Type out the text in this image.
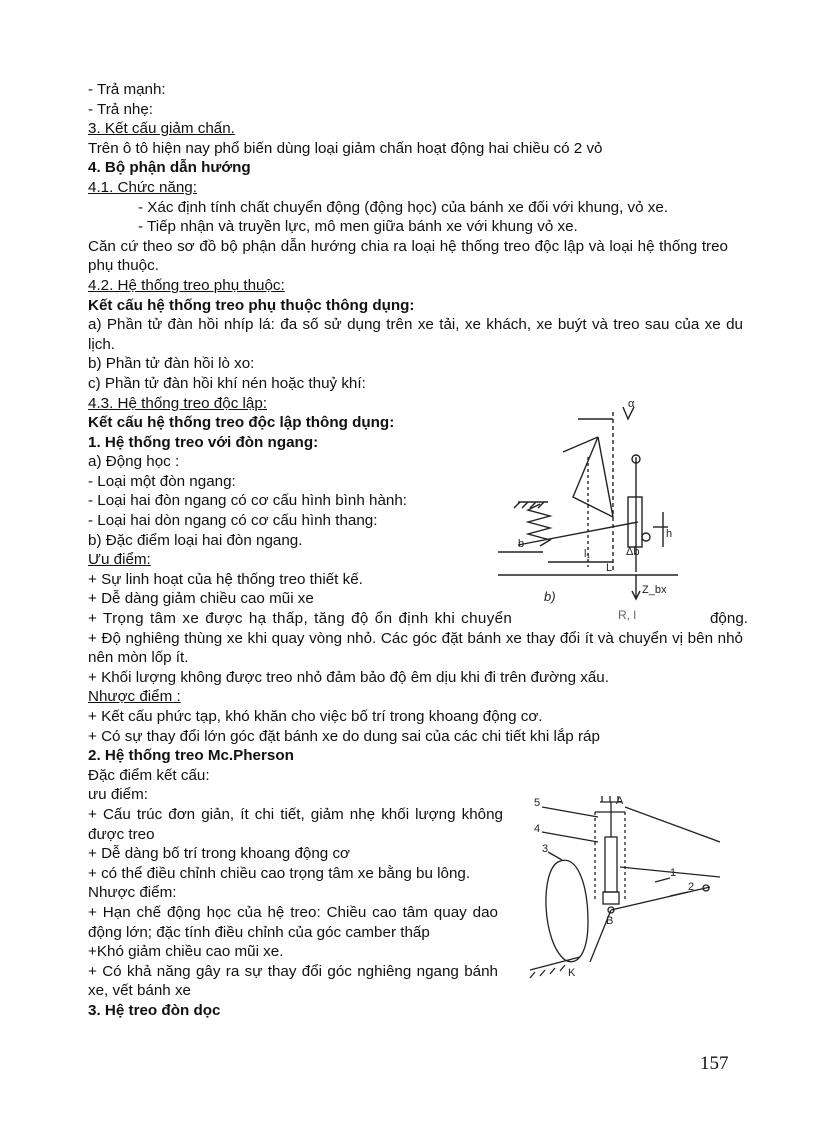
- Trả mạnh:
- Trả nhẹ:
3. Kết cấu giảm chấn.
Trên ô tô hiện nay phổ biến dùng loại giảm chấn hoạt động hai chiều có 2 vỏ
4. Bộ phận dẫn hướng
4.1. Chức năng:
- Xác định tính chất chuyển động (động học) của bánh xe đối với khung, vỏ xe.
- Tiếp nhận và truyền lực, mô men giữa bánh xe với khung vỏ xe.
Căn cứ theo sơ đồ bộ phận dẫn hướng chia ra loại hệ thống treo độc lập và loại hệ thống treo phụ thuộc.
4.2. Hệ thống treo phụ thuộc:
Kết cấu hệ thống treo phụ thuộc thông dụng:
a) Phần tử đàn hồi nhíp lá: đa số sử dụng trên xe tải, xe khách, xe buýt và treo sau của xe du lịch.
b) Phần tử đàn hồi lò xo:
c) Phần tử đàn hồi khí nén hoặc thuỷ khí:
4.3. Hệ thống treo độc lập:
Kết cấu hệ thống treo độc lập thông dụng:
1. Hệ thống treo với đòn ngang:
a) Động học :
- Loại một đòn ngang:
- Loại hai đòn ngang có cơ cấu hình bình hành:
- Loại hai dòn ngang có cơ cấu hình thang:
b) Đặc điểm loại hai đòn ngang.
Ưu điểm:
+ Sự linh hoạt của hệ thống treo thiết kế.
+ Dễ dàng giảm chiều cao mũi xe
+ Trọng tâm xe được hạ thấp, tăng độ ổn định khi chuyển	động.
+ Độ nghiêng thùng xe khi quay vòng nhỏ. Các góc đặt bánh xe thay đổi ít và chuyển vị bên nhỏ nên mòn lốp ít.
+ Khối lượng không được treo nhỏ đảm bảo độ êm dịu khi đi trên đường xấu.
Nhược điểm :
+ Kết cấu phức tạp, khó khăn cho việc bố trí trong khoang động cơ.
+ Có sự thay đổi lớn góc đặt bánh xe do dung sai của các chi tiết khi lắp ráp
2. Hệ thống treo Mc.Pherson
Đặc điểm kết cấu:
ưu điểm:
+ Cấu trúc đơn giản, ít chi tiết, giảm nhẹ khối lượng không được treo
+ Dễ dàng bố trí trong khoang động cơ
+ có thể điều chỉnh chiều cao trọng tâm xe bằng bu lông.
Nhược điểm:
+ Hạn chế động học của hệ treo: Chiều cao tâm quay dao động lớn; đặc tính điều chỉnh của góc camber thấp
+Khó giảm chiều cao mũi xe.
+ Có khả năng gây ra sự thay đổi góc nghiêng ngang bánh xe, vết bánh xe
3. Hệ treo đòn dọc
b
l₁
L
Δb
Z_bx
α
h
b)
R, l
5
4
3
A
1
2
B
K
157
